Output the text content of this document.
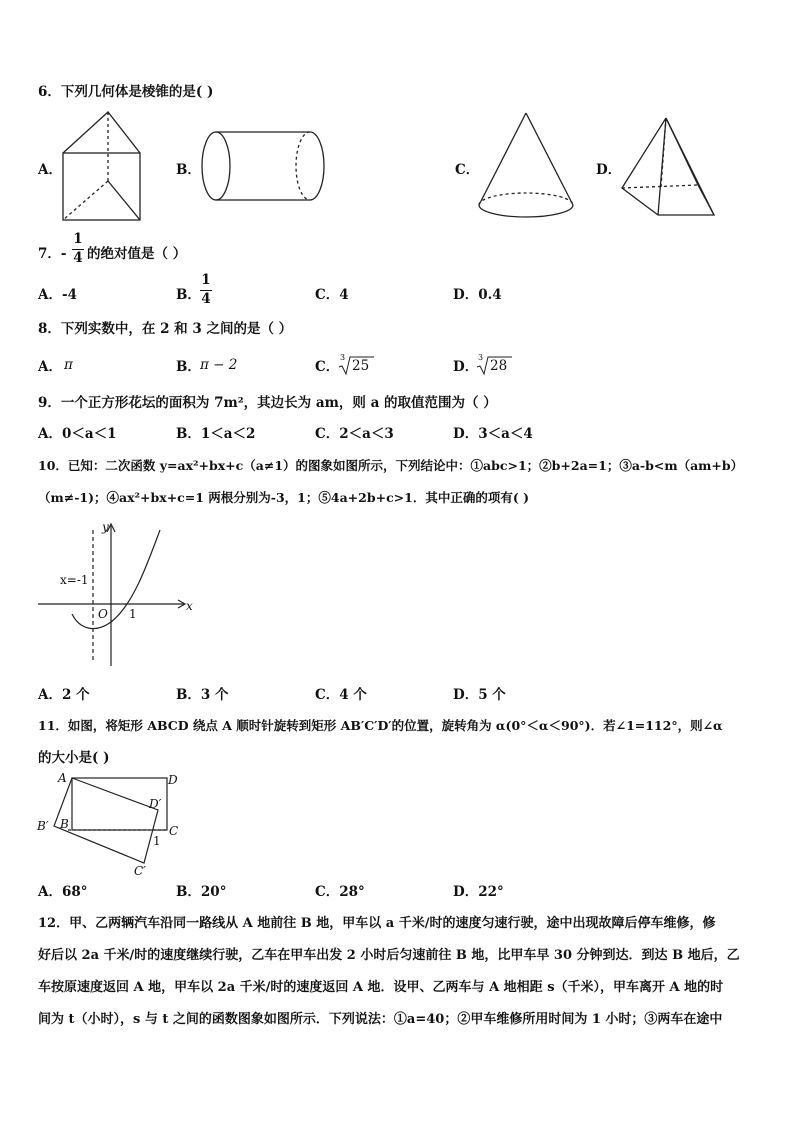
6．下列几何体是棱锥的是( )
A．	B．	C．	D．
7．-
1
4 的绝对值是（ ）
A．-4	B．
1
4	C．4	D．0.4
8．下列实数中，在 2 和 3 之间的是（ ）
A． π	B． π − 2	C．
3
25	D．
3
28
9．一个正方形花坛的面积为 7m²，其边长为 am，则 a 的取值范围为（ ）
A．0＜a＜1	B．1＜a＜2	C．2＜a＜3	D．3＜a＜4
10．已知：二次函数 y=ax²+bx+c（a≠1）的图象如图所示，下列结论中：①abc>1；②b+2a=1；③a-b<m（am+b）
（m≠-1)；④ax²+bx+c=1 两根分别为-3，1；⑤4a+2b+c>1．其中正确的项有( )
y
x
O
x=-1
1
A．2 个	B．3 个	C．4 个	D．5 个
11．如图，将矩形 ABCD 绕点 A 顺时针旋转到矩形 AB′C′D′的位置，旋转角为 α(0°＜α＜90°)．若∠1=112°，则∠α
的大小是( )
A	D
D′
B′ B	C
C′
1
A．68°	B．20°	C．28°	D．22°
12．甲、乙两辆汽车沿同一路线从 A 地前往 B 地，甲车以 a 千米/时的速度匀速行驶，途中出现故障后停车维修，修
好后以 2a 千米/时的速度继续行驶，乙车在甲车出发 2 小时后匀速前往 B 地，比甲车早 30 分钟到达．到达 B 地后，乙
车按原速度返回 A 地，甲车以 2a 千米/时的速度返回 A 地．设甲、乙两车与 A 地相距 s（千米），甲车离开 A 地的时
间为 t（小时），s 与 t 之间的函数图象如图所示．下列说法：①a=40；②甲车维修所用时间为 1 小时；③两车在途中
